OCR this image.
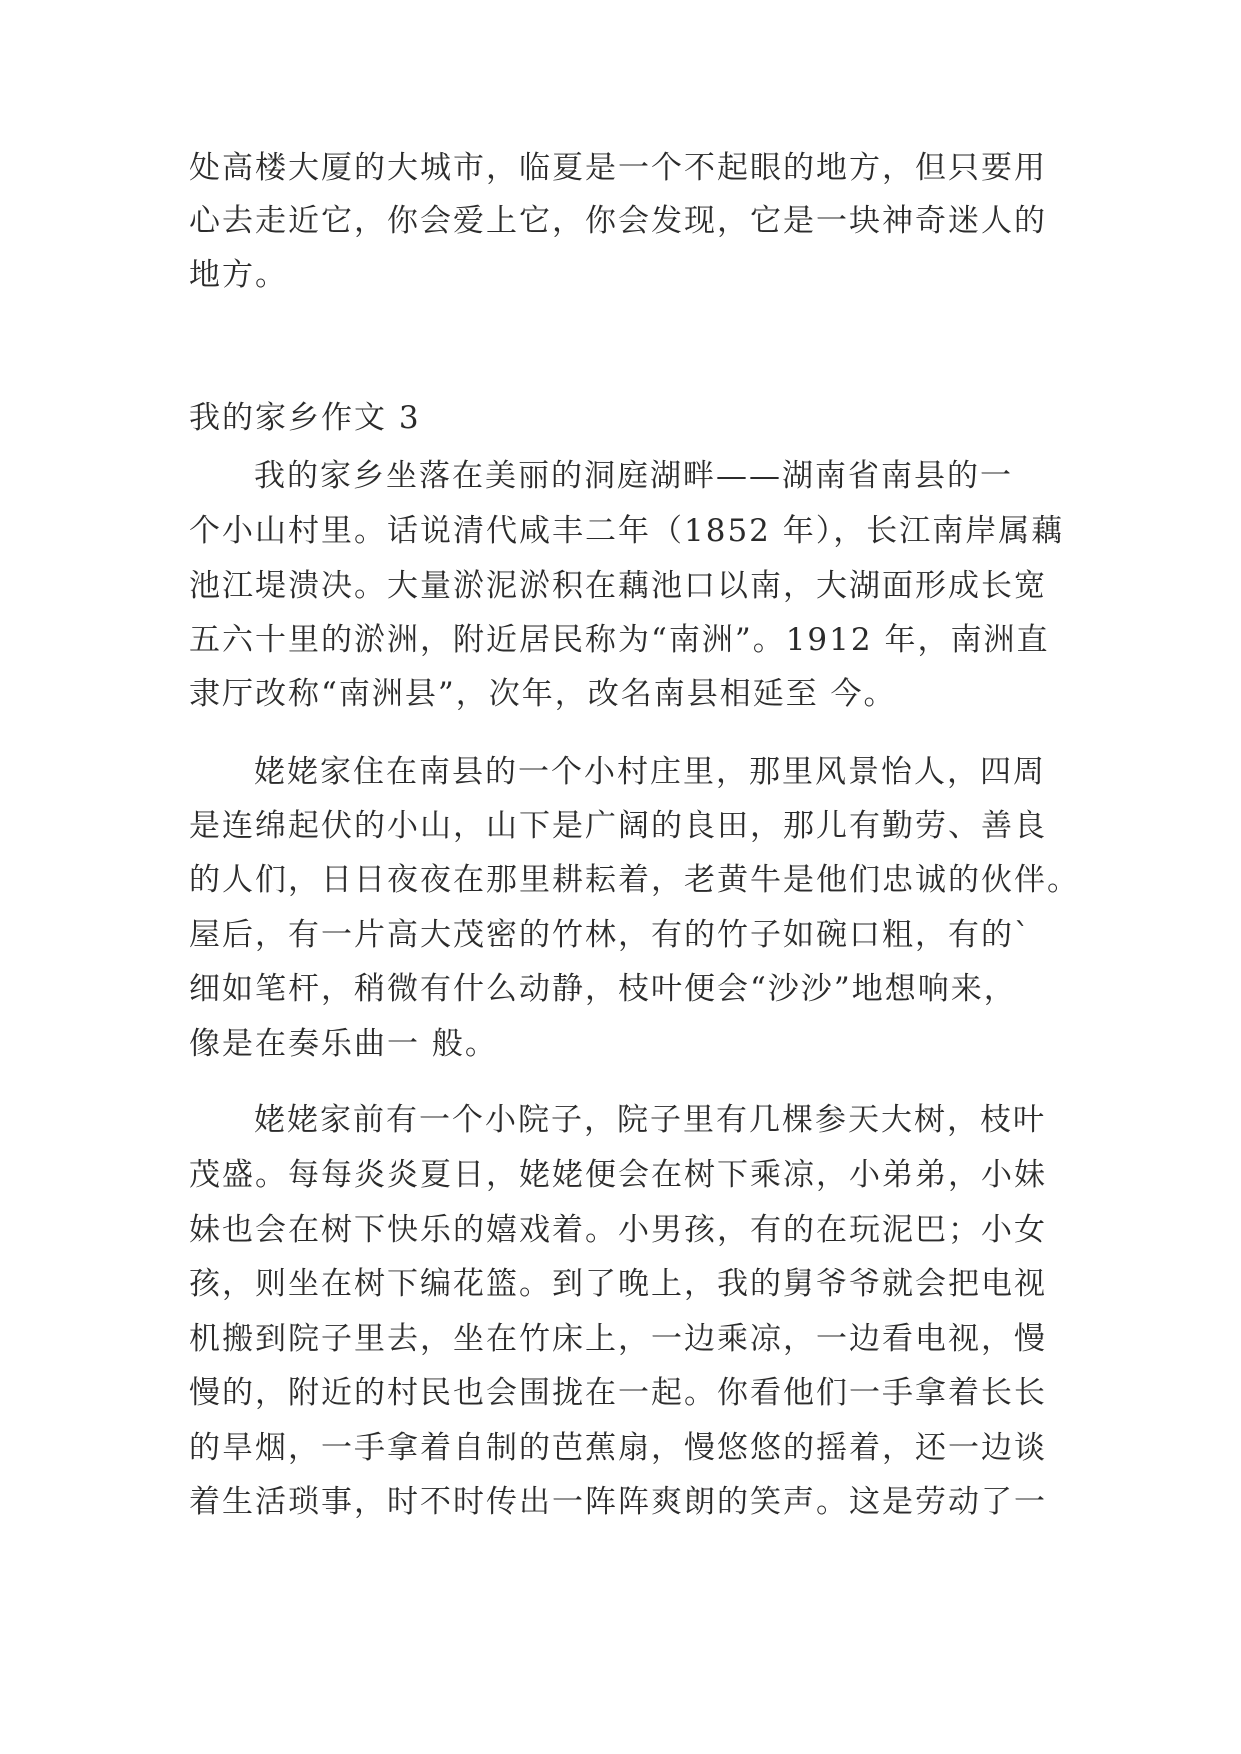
处高楼大厦的大城市，临夏是一个不起眼的地方，但只要用
心去走近它，你会爱上它，你会发现，它是一块神奇迷人的
地方。
我的家乡作文 3
我的家乡坐落在美丽的洞庭湖畔——湖南省南县的一
个小山村里。话说清代咸丰二年（1852 年），长江南岸属藕
池江堤溃决。大量淤泥淤积在藕池口以南，大湖面形成长宽
五六十里的淤洲，附近居民称为“南洲”。1912 年，南洲直
隶厅改称“南洲县”，次年，改名南县相延至 今。
姥姥家住在南县的一个小村庄里，那里风景怡人，四周
是连绵起伏的小山，山下是广阔的良田，那儿有勤劳、善良
的人们，日日夜夜在那里耕耘着，老黄牛是他们忠诚的伙伴。
屋后，有一片高大茂密的竹林，有的竹子如碗口粗，有的`
细如笔杆，稍微有什么动静，枝叶便会“沙沙”地想响来，
像是在奏乐曲一 般。
姥姥家前有一个小院子，院子里有几棵参天大树，枝叶
茂盛。每每炎炎夏日，姥姥便会在树下乘凉，小弟弟，小妹
妹也会在树下快乐的嬉戏着。小男孩，有的在玩泥巴；小女
孩，则坐在树下编花篮。到了晚上，我的舅爷爷就会把电视
机搬到院子里去，坐在竹床上，一边乘凉，一边看电视，慢
慢的，附近的村民也会围拢在一起。你看他们一手拿着长长
的旱烟，一手拿着自制的芭蕉扇，慢悠悠的摇着，还一边谈
着生活琐事，时不时传出一阵阵爽朗的笑声。这是劳动了一
